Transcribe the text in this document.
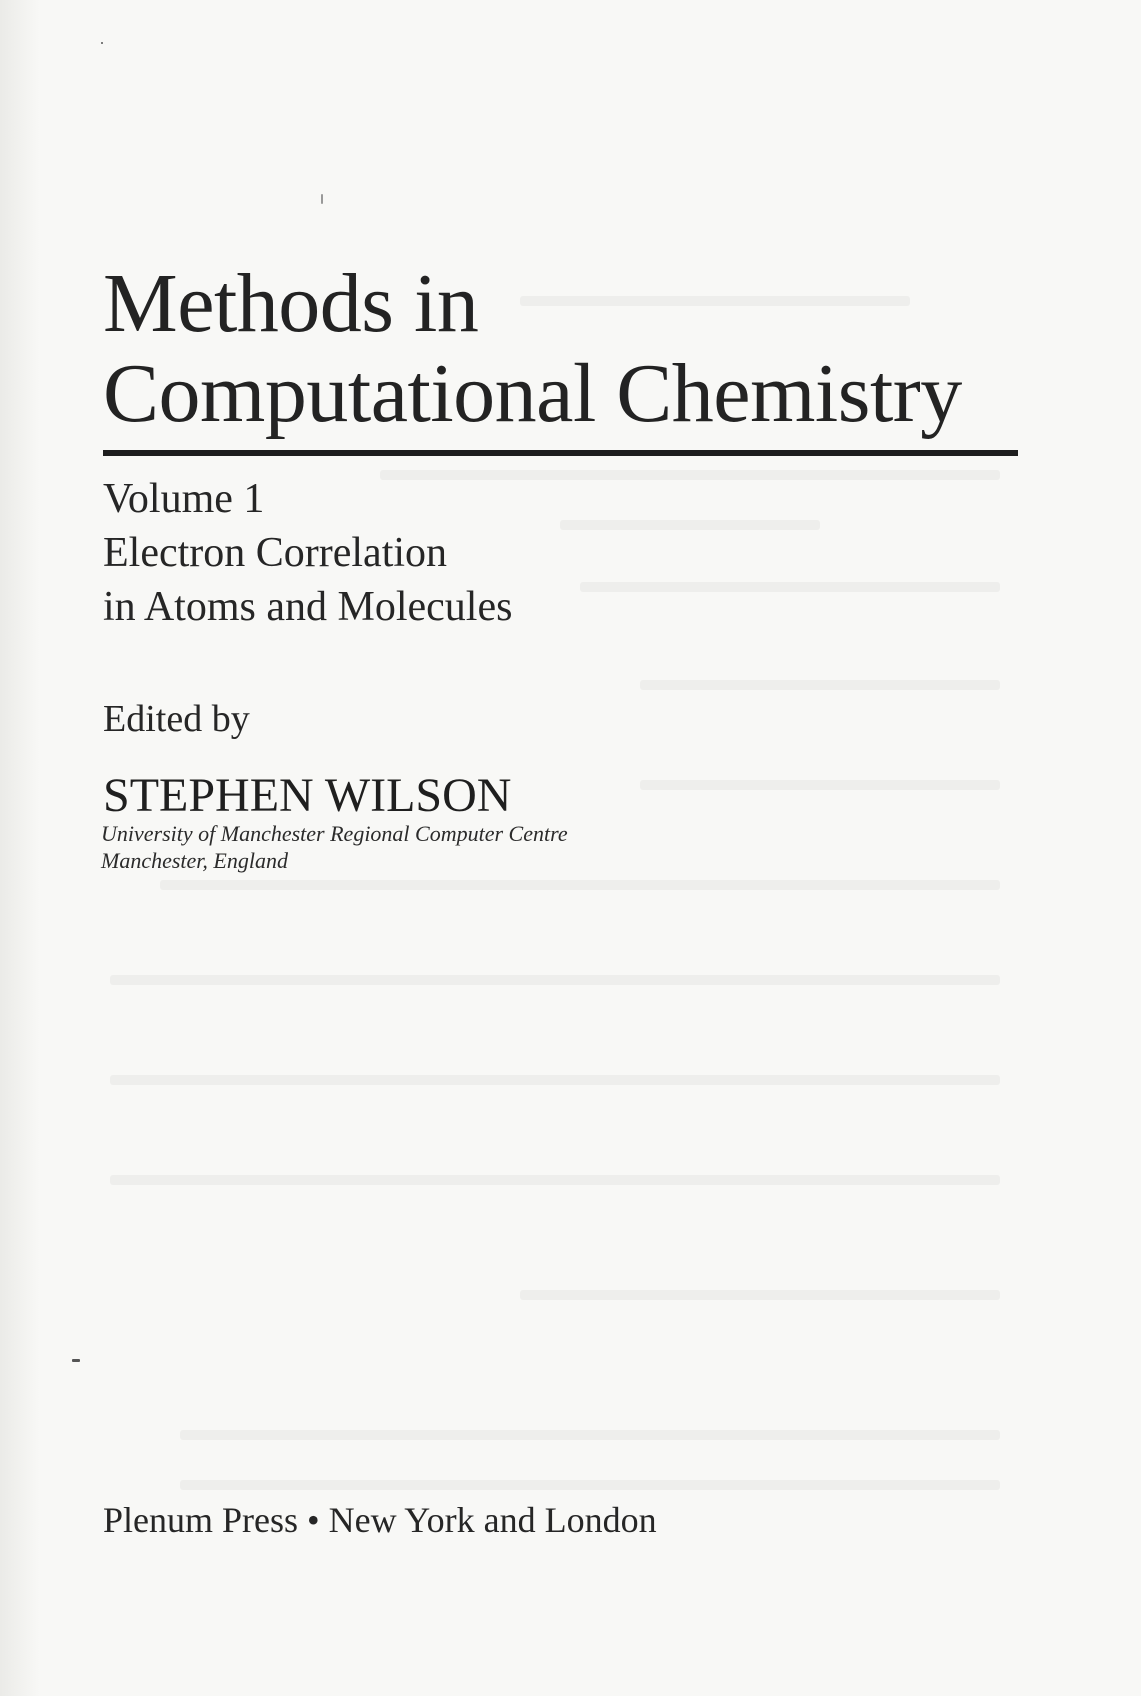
Methods in
Computational Chemistry
Volume 1
Electron Correlation
in Atoms and Molecules
Edited by
STEPHEN WILSON
University of Manchester Regional Computer Centre
Manchester, England
Plenum Press • New York and London
